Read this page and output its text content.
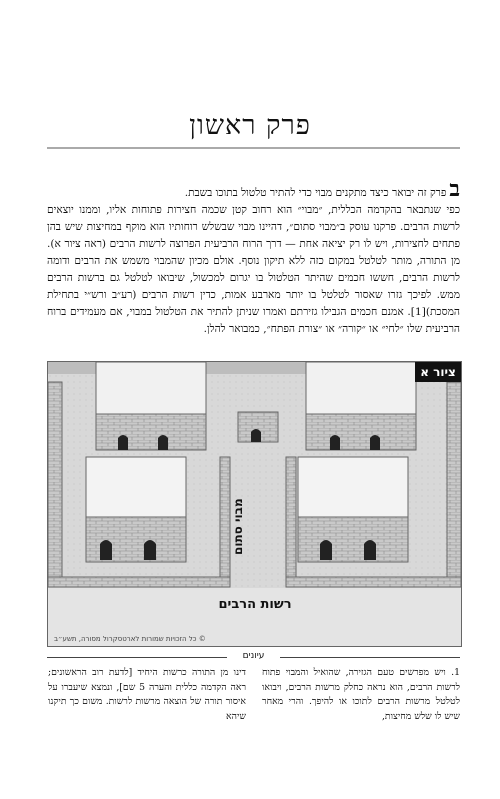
פרק ראשון

בפרק זה יבואר כיצד מתקנים מבוי כדי להתיר טלטול בתוכו בשבת.

כפי שנתבאר בהקדמה הכללית, ״מבוי״ הוא רחוב קטן שכמה חצירות פתוחות אליו, וממנו יוצאים לרשות הרבים. פרקנו עוסק ב״מבוי סתום״, דהיינו מבוי שבשלש רוחותיו הוא מוקף במחיצות שיש בהן פתחים לחצירות, ויש לו רק יציאה אחת — דרך הרוח הרביעית הפרוצה לרשות הרבים (ראה ציור א). מן התורה, מותר לטלטל במקום כזה ללא תיקון נוסף. אולם מכיון שהמבוי משמש את הרבים ודומה לרשות הרבים, חששו חכמים שהיתר הטלטול בו יגרום למכשול, שיבואו לטלטל גם ברשות הרבים ממש. לפיכך גזרו שאסור לטלטל בו יותר מארבע אמות, כדין רשות הרבים (רע״ב ורש״י בתחילת המסכת)[1]. אמנם חכמים הגבילו גזירתם ואמרו שניתן להתיר את הטלטול במבוי, אם מעמידים ברוח הרביעית שלו ״לחי״ או ״קורה״ או ״צורת הפתח״, כמבואר להלן.

ציור א
מבוי סתום
רשות הרבים
© כל הזכויות שמורות לארטסקרול מסורה, תשע״ב
עיונים

1. ויש מפרשים טעם הגזירה, שהואיל והמבוי פתוח לרשות הרבים, הוא נראה כחלק מרשות הרבים, ויבואו לטלטל מרשות הרבים לתוכו או להיפך. והרי מאחר שיש לו שלש מחיצות,

דינו מן התורה כרשות היחיד [לדעת רוב הראשונים; ראה הקדמה כללית והערה 5 שם], ונמצא שיעברו על איסור תורה של הוצאה מרשות לרשות. משום כך תיקנו שיהא
